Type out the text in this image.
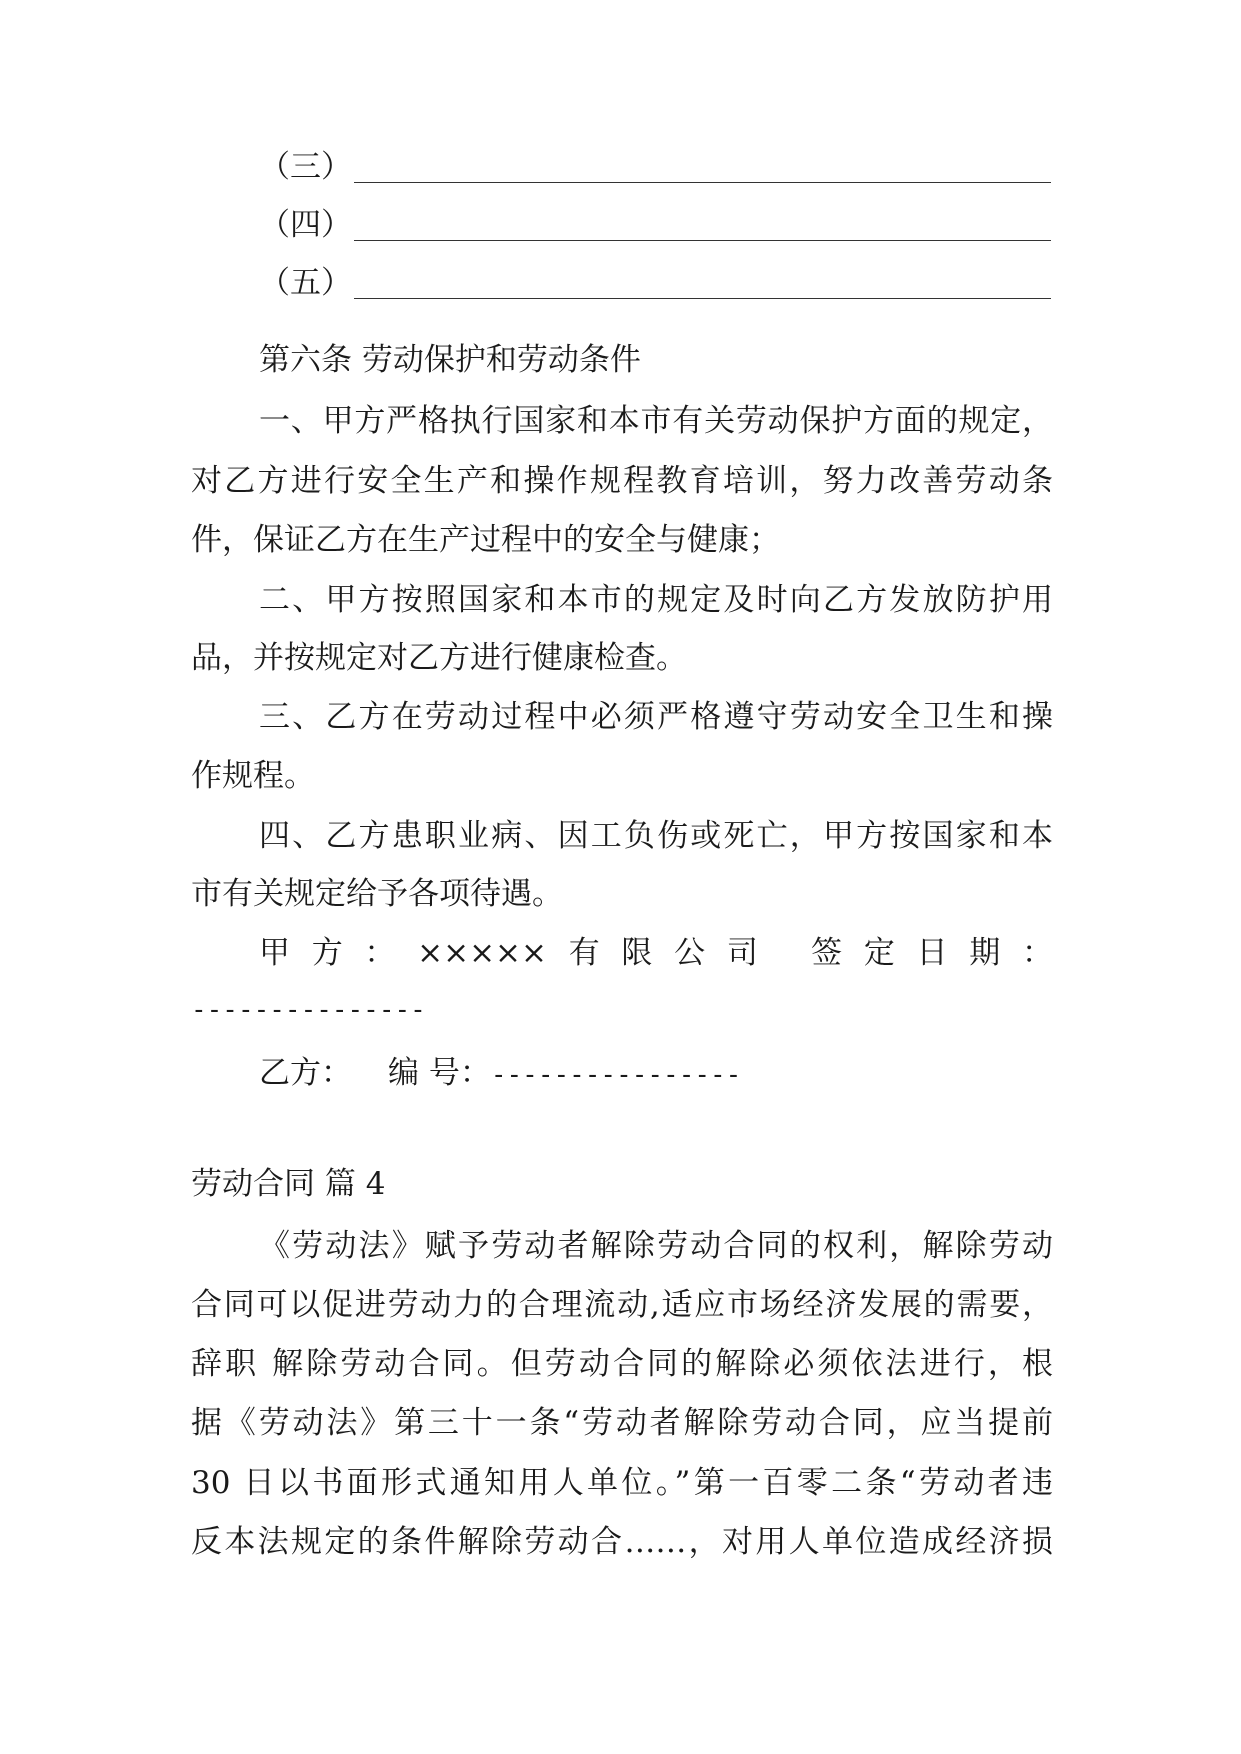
（三）
（四）
（五）
第六条 劳动保护和劳动条件
一、甲方严格执行国家和本市有关劳动保护方面的规定，
对乙方进行安全生产和操作规程教育培训，努力改善劳动条
件，保证乙方在生产过程中的安全与健康；
二、甲方按照国家和本市的规定及时向乙方发放防护用
品，并按规定对乙方进行健康检查。
三、乙方在劳动过程中必须严格遵守劳动安全卫生和操
作规程。
四、乙方患职业病、因工负伤或死亡，甲方按国家和本
市有关规定给予各项待遇。
甲方：×××××有限公司 签定日期：
---------------
乙方： 编 号：----------------
劳动合同 篇 4
《劳动法》赋予劳动者解除劳动合同的权利，解除劳动
合同可以促进劳动力的合理流动,适应市场经济发展的需要，
辞职 解除劳动合同。但劳动合同的解除必须依法进行，根
据《劳动法》第三十一条“劳动者解除劳动合同，应当提前
30 日以书面形式通知用人单位。”第一百零二条“劳动者违
反本法规定的条件解除劳动合……，对用人单位造成经济损
